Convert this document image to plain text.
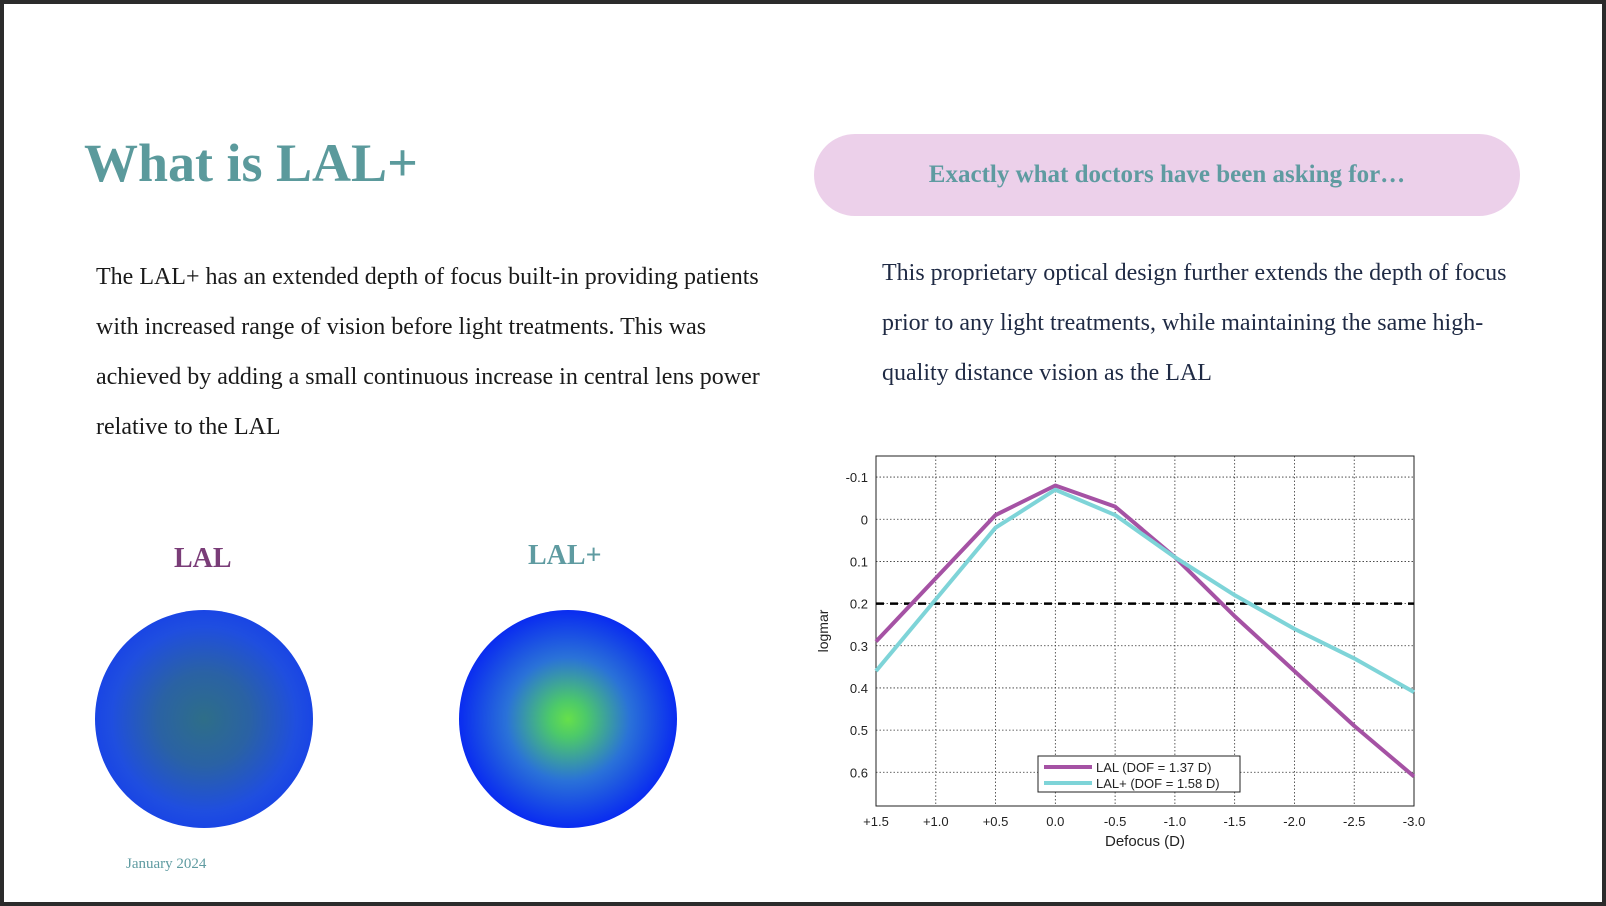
What is LAL+	Exactly what doctors have been asking for…

The LAL+ has an extended depth of focus built-in providing patients with increased range of vision before light treatments. This was achieved by adding a small continuous increase in central lens power relative to the LAL

This proprietary optical design further extends the depth of focus prior to any light treatments, while maintaining the same high-quality distance vision as the LAL

LAL	LAL+
-0.1
0
0.1
0.2
0.3
0.4
0.5
0.6
+1.5	+1.0	+0.5	0.0	-0.5	-1.0	-1.5	-2.0	-2.5	-3.0
Defocus (D)
logmar
LAL (DOF = 1.37 D)
LAL+ (DOF = 1.58 D)
January 2024
